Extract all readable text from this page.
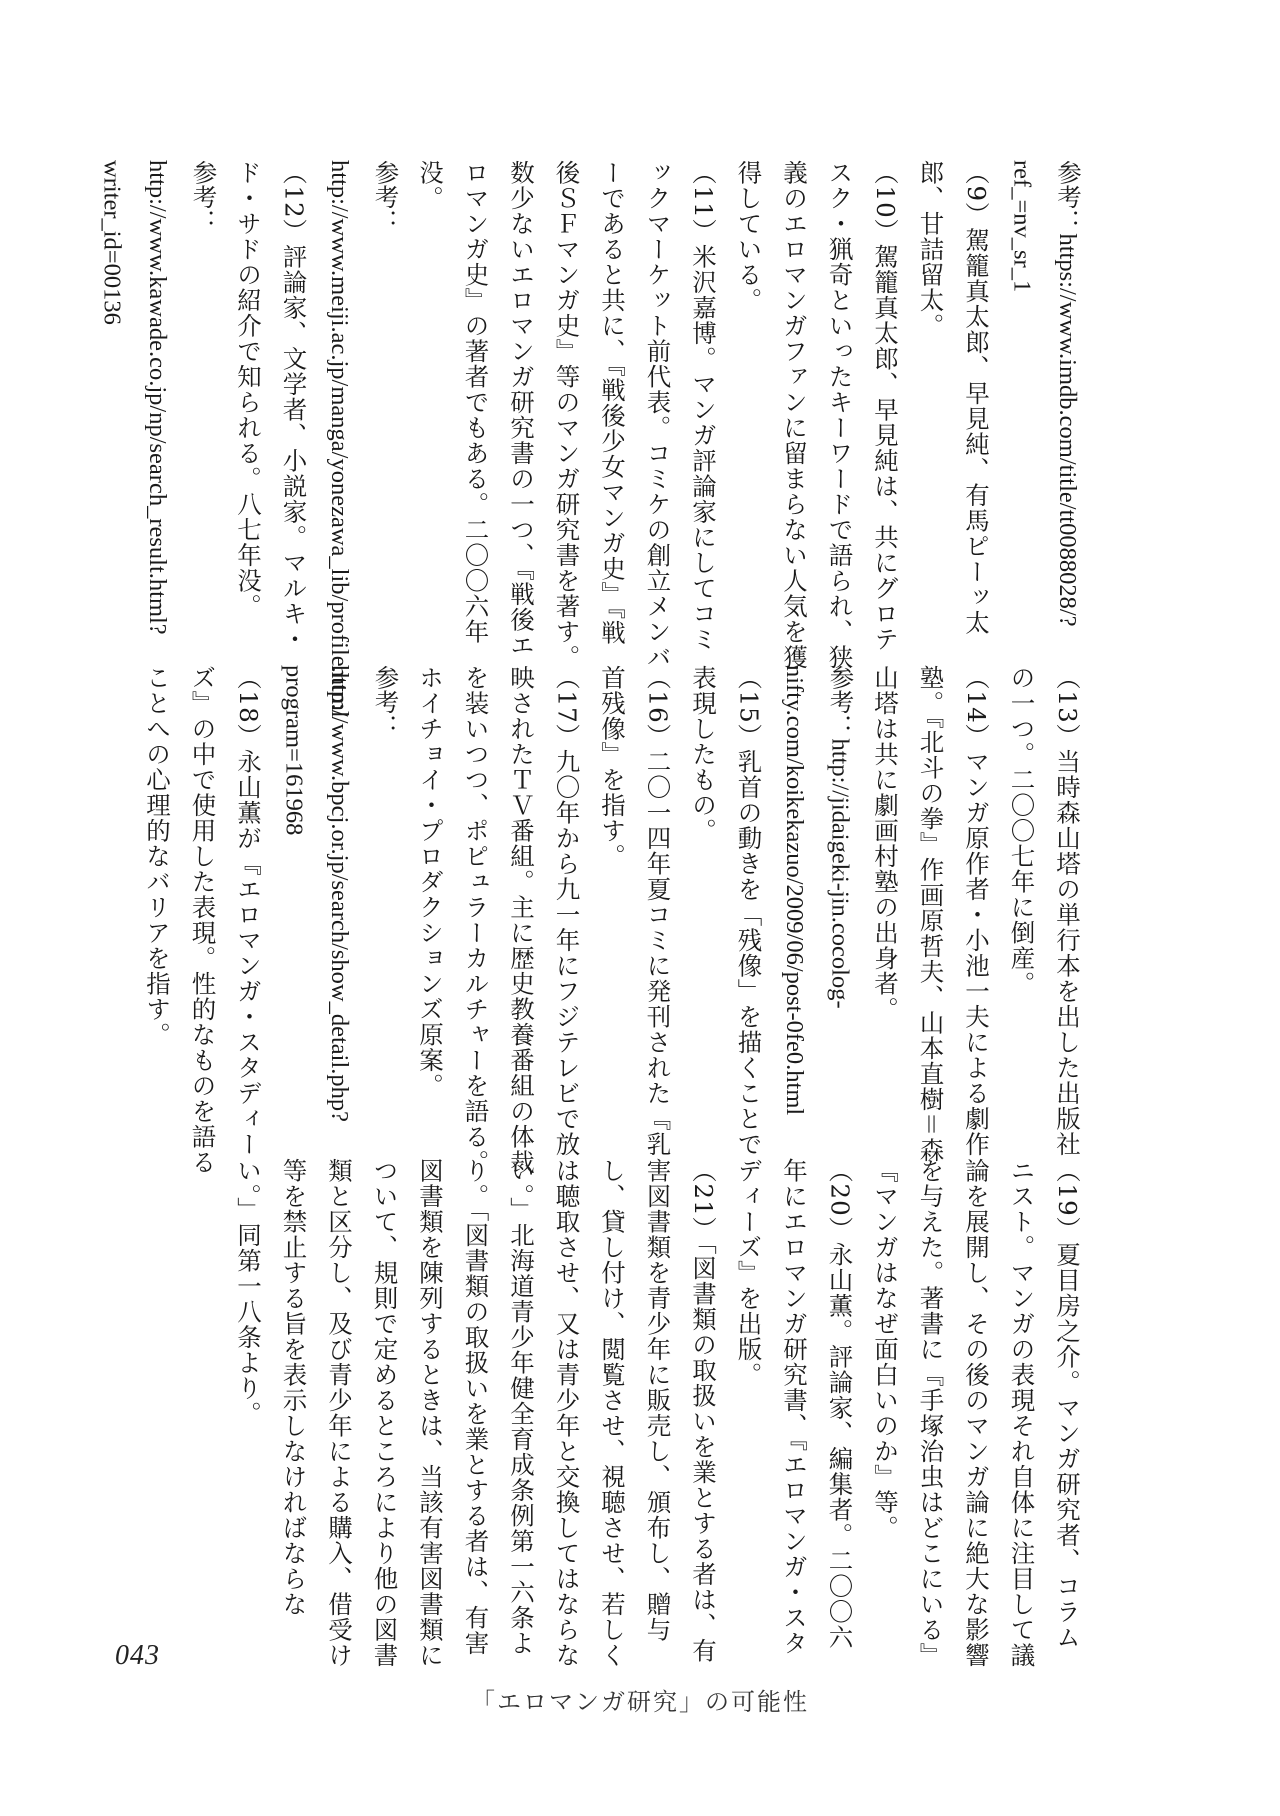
参考：https://www.imdb.com/title/tt0088028/?ref_=nv_sr_1

（9）駕籠真太郎、早見純、有馬ピーッ太郎、甘詰留太。

（10）駕籠真太郎、早見純は、共にグロテスク・猟奇といったキーワードで語られ、狭義のエロマンガファンに留まらない人気を獲得している。

（11）米沢嘉博。マンガ評論家にしてコミックマーケット前代表。コミケの創立メンバーであると共に、『戦後少女マンガ史』『戦後ＳＦマンガ史』等のマンガ研究書を著す。数少ないエロマンガ研究書の一つ、『戦後エロマンガ史』の著者でもある。二〇〇六年没。

参考：http://www.meiji.ac.jp/manga/yonezawa_lib/profile.html

（12）評論家、文学者、小説家。マルキ・ド・サドの紹介で知られる。八七年没。

参考：http://www.kawade.co.jp/np/search_result.html?writer_id=00136

（13）当時森山塔の単行本を出した出版社の一つ。二〇〇七年に倒産。

（14）マンガ原作者・小池一夫による劇作塾。『北斗の拳』作画原哲夫、山本直樹＝森山塔は共に劇画村塾の出身者。

参考：http://jidaigeki-jin.cocolog-nifty.com/koikekazuo/2009/06/post-0fe0.html

（15）乳首の動きを「残像」を描くことで表現したもの。

（16）二〇一四年夏コミに発刊された『乳首残像』を指す。

（17）九〇年から九一年にフジテレビで放映されたＴＶ番組。主に歴史教養番組の体裁を装いつつ、ポピュラーカルチャーを語る。ホイチョイ・プロダクションズ原案。

参考：http://www.bpcj.or.jp/search/show_detail.php?program=161968

（18）永山薫が『エロマンガ・スタディーズ』の中で使用した表現。性的なものを語ることへの心理的なバリアを指す。

（19）夏目房之介。マンガ研究者、コラムニスト。マンガの表現それ自体に注目して議論を展開し、その後のマンガ論に絶大な影響を与えた。著書に『手塚治虫はどこにいる』『マンガはなぜ面白いのか』等。

（20）永山薫。評論家、編集者。二〇〇六年にエロマンガ研究書、『エロマンガ・スタディーズ』を出版。

（21）「図書類の取扱いを業とする者は、有害図書類を青少年に販売し、頒布し、贈与し、貸し付け、閲覧させ、視聴させ、若しくは聴取させ、又は青少年と交換してはならない。」北海道青少年健全育成条例第一六条より。「図書類の取扱いを業とする者は、有害図書類を陳列するときは、当該有害図書類について、規則で定めるところにより他の図書類と区分し、及び青少年による購入、借受け等を禁止する旨を表示しなければならない。」同第一八条より。

043
「エロマンガ研究」の可能性
